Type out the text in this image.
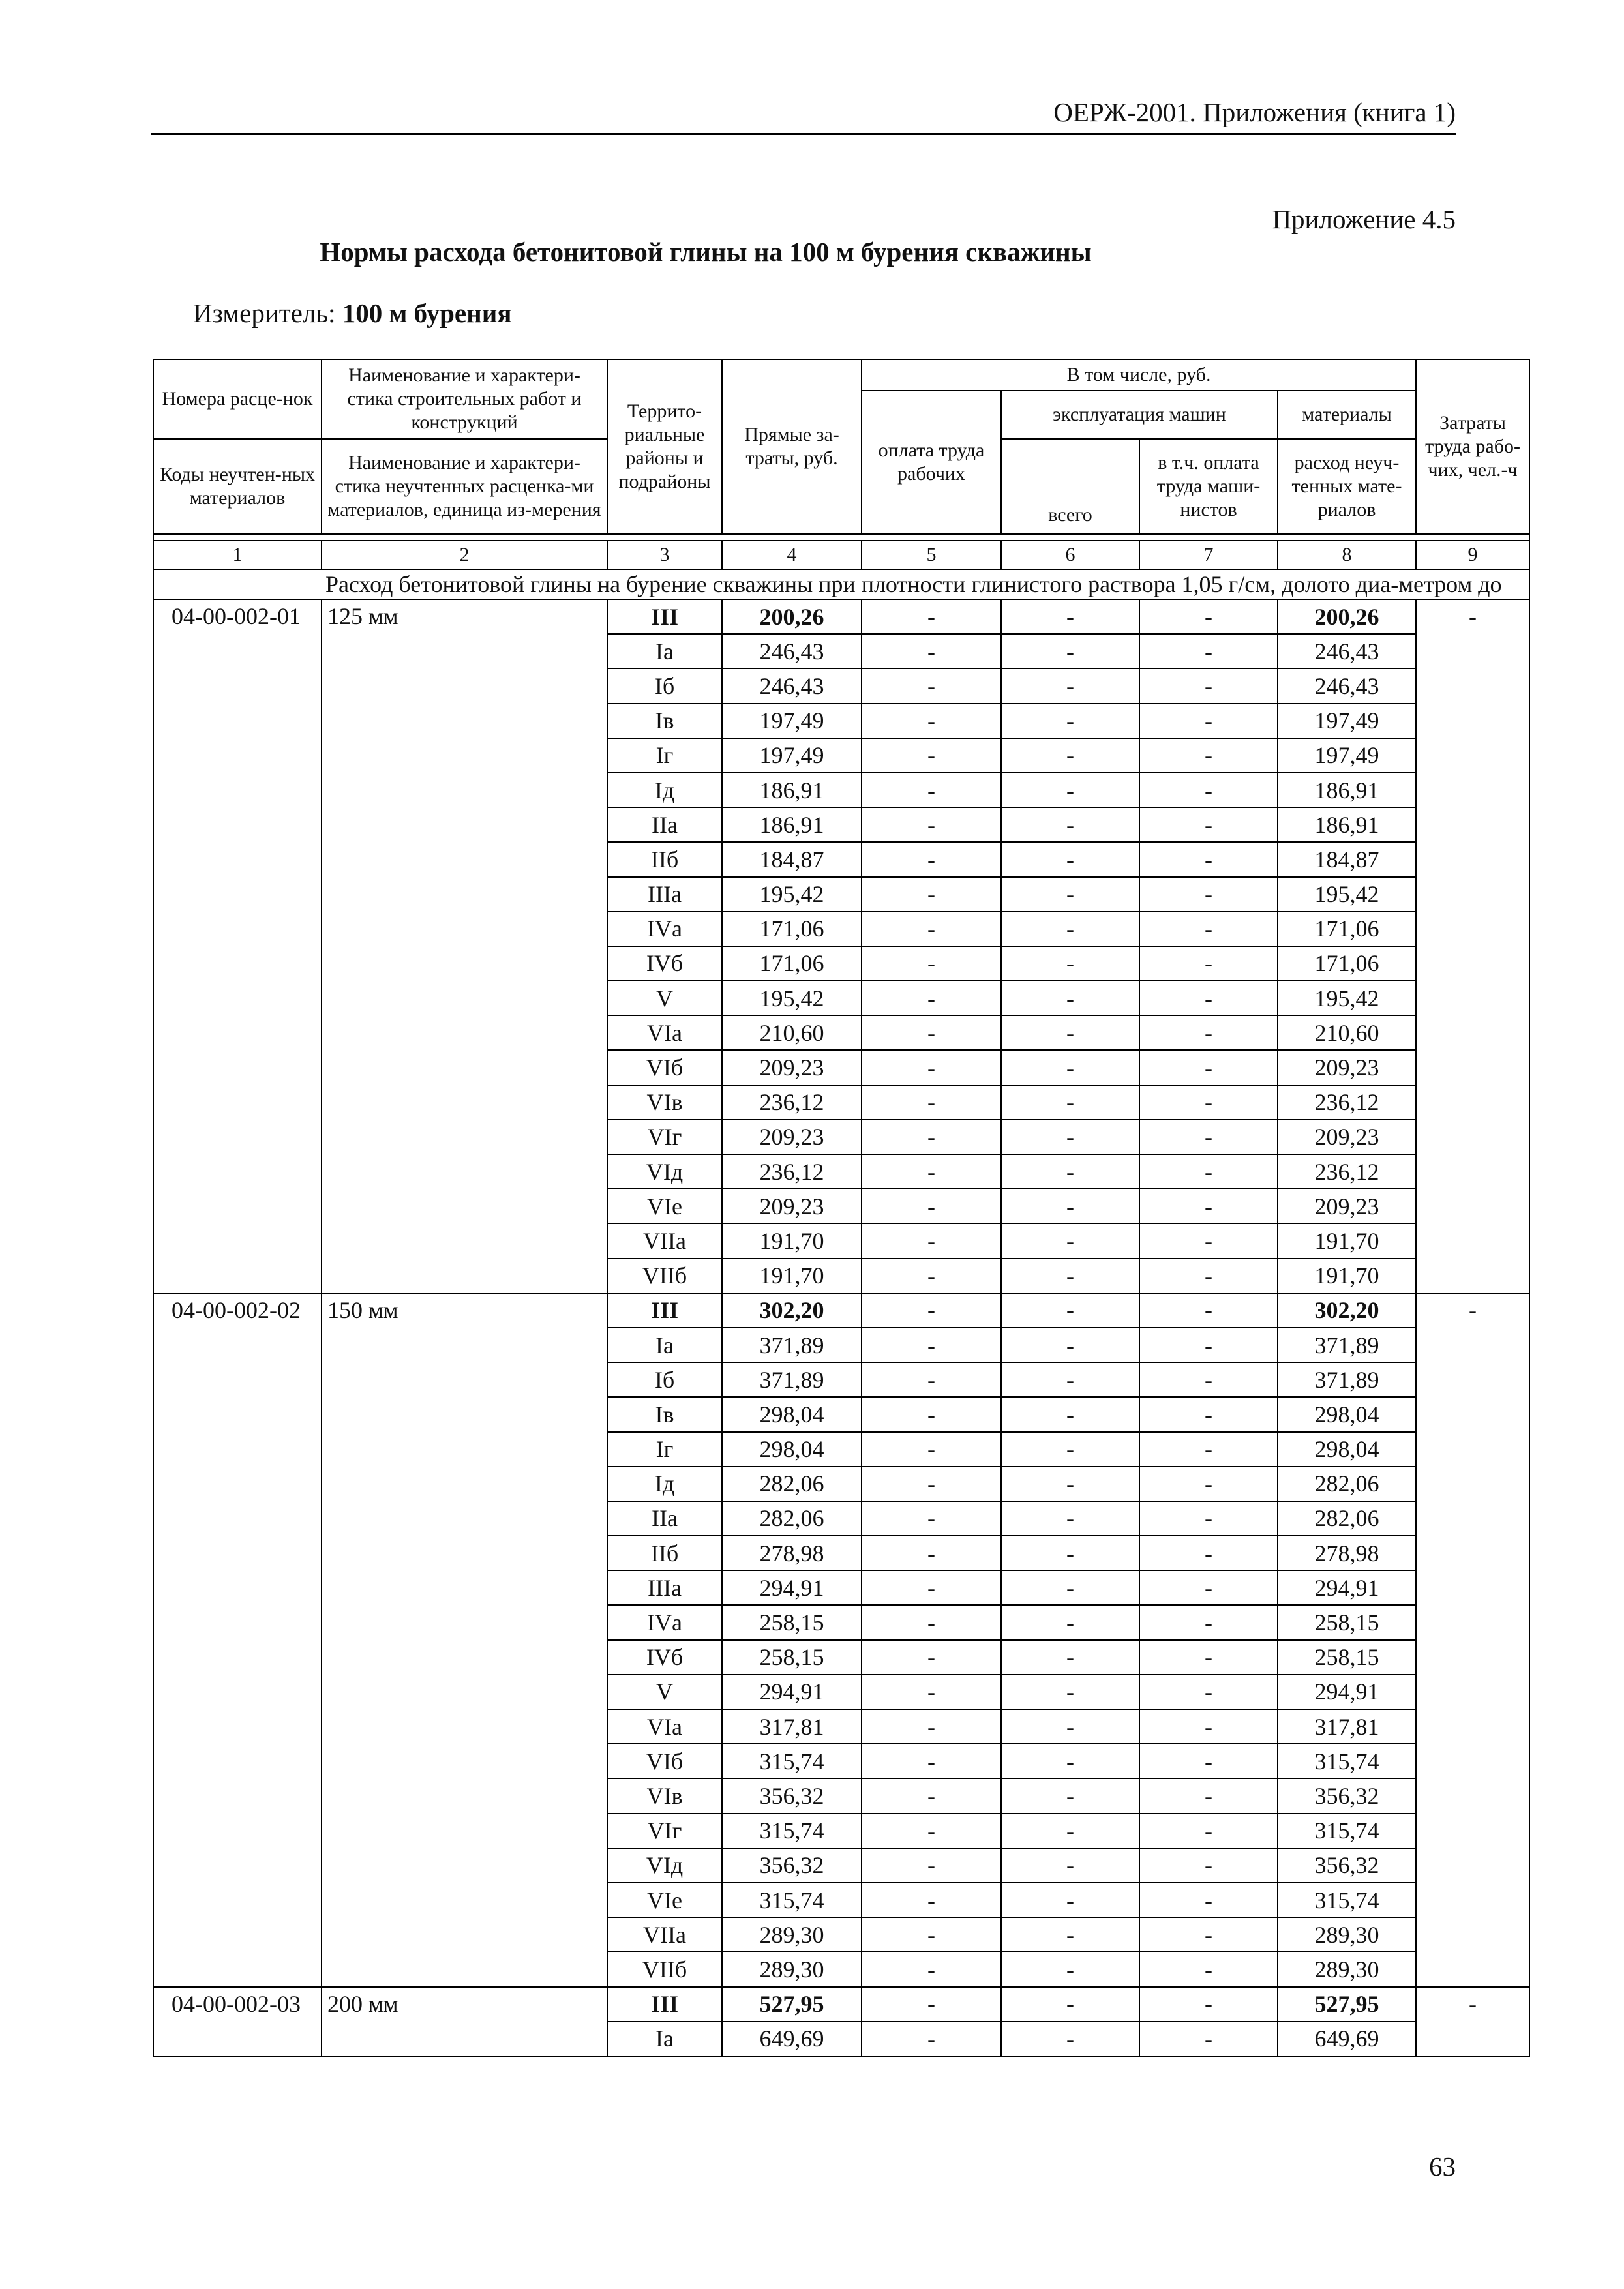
ОЕРЖ-2001. Приложения (книга 1)
Приложение 4.5
Нормы расхода бетонитовой глины на 100 м бурения скважины
Измеритель: 100 м бурения
Номера расце-нок	Наименование и характери-стика строительных работ и конструкций	Террито-риальные районы и подрайоны	Прямые за-траты, руб.	В том числе, руб.				Затраты труда рабо-чих, чел.-ч
				оплата труда рабочих	эксплуатация машин		материалы	
Коды неучтен-ных материалов	Наименование и характери-стика неучтенных расценка-ми материалов, единица из-мерения				всего	в т.ч. оплата труда маши-нистов	расход неуч-тенных мате-риалов	

1	2	3	4	5	6	7	8	9
	Расход бетонитовой глины на бурение скважины при плотности глинистого раствора 1,05 г/см, долото диа-метром до							
04-00-002-01	125 мм	III	200,26	-	-	-	200,26	-
		Iа	246,43	-	-	-	246,43	
		Iб	246,43	-	-	-	246,43	
		Iв	197,49	-	-	-	197,49	
		Iг	197,49	-	-	-	197,49	
		Iд	186,91	-	-	-	186,91	
		IIа	186,91	-	-	-	186,91	
		IIб	184,87	-	-	-	184,87	
		IIIа	195,42	-	-	-	195,42	
		IVа	171,06	-	-	-	171,06	
		IVб	171,06	-	-	-	171,06	
		V	195,42	-	-	-	195,42	
		VIа	210,60	-	-	-	210,60	
		VIб	209,23	-	-	-	209,23	
		VIв	236,12	-	-	-	236,12	
		VIг	209,23	-	-	-	209,23	
		VIд	236,12	-	-	-	236,12	
		VIе	209,23	-	-	-	209,23	
		VIIа	191,70	-	-	-	191,70	
		VIIб	191,70	-	-	-	191,70	
04-00-002-02	150 мм	III	302,20	-	-	-	302,20	-
		Iа	371,89	-	-	-	371,89	
		Iб	371,89	-	-	-	371,89	
		Iв	298,04	-	-	-	298,04	
		Iг	298,04	-	-	-	298,04	
		Iд	282,06	-	-	-	282,06	
		IIа	282,06	-	-	-	282,06	
		IIб	278,98	-	-	-	278,98	
		IIIа	294,91	-	-	-	294,91	
		IVа	258,15	-	-	-	258,15	
		IVб	258,15	-	-	-	258,15	
		V	294,91	-	-	-	294,91	
		VIа	317,81	-	-	-	317,81	
		VIб	315,74	-	-	-	315,74	
		VIв	356,32	-	-	-	356,32	
		VIг	315,74	-	-	-	315,74	
		VIд	356,32	-	-	-	356,32	
		VIе	315,74	-	-	-	315,74	
		VIIа	289,30	-	-	-	289,30	
		VIIб	289,30	-	-	-	289,30	
04-00-002-03	200 мм	III	527,95	-	-	-	527,95	-
		Iа	649,69	-	-	-	649,69	
63
